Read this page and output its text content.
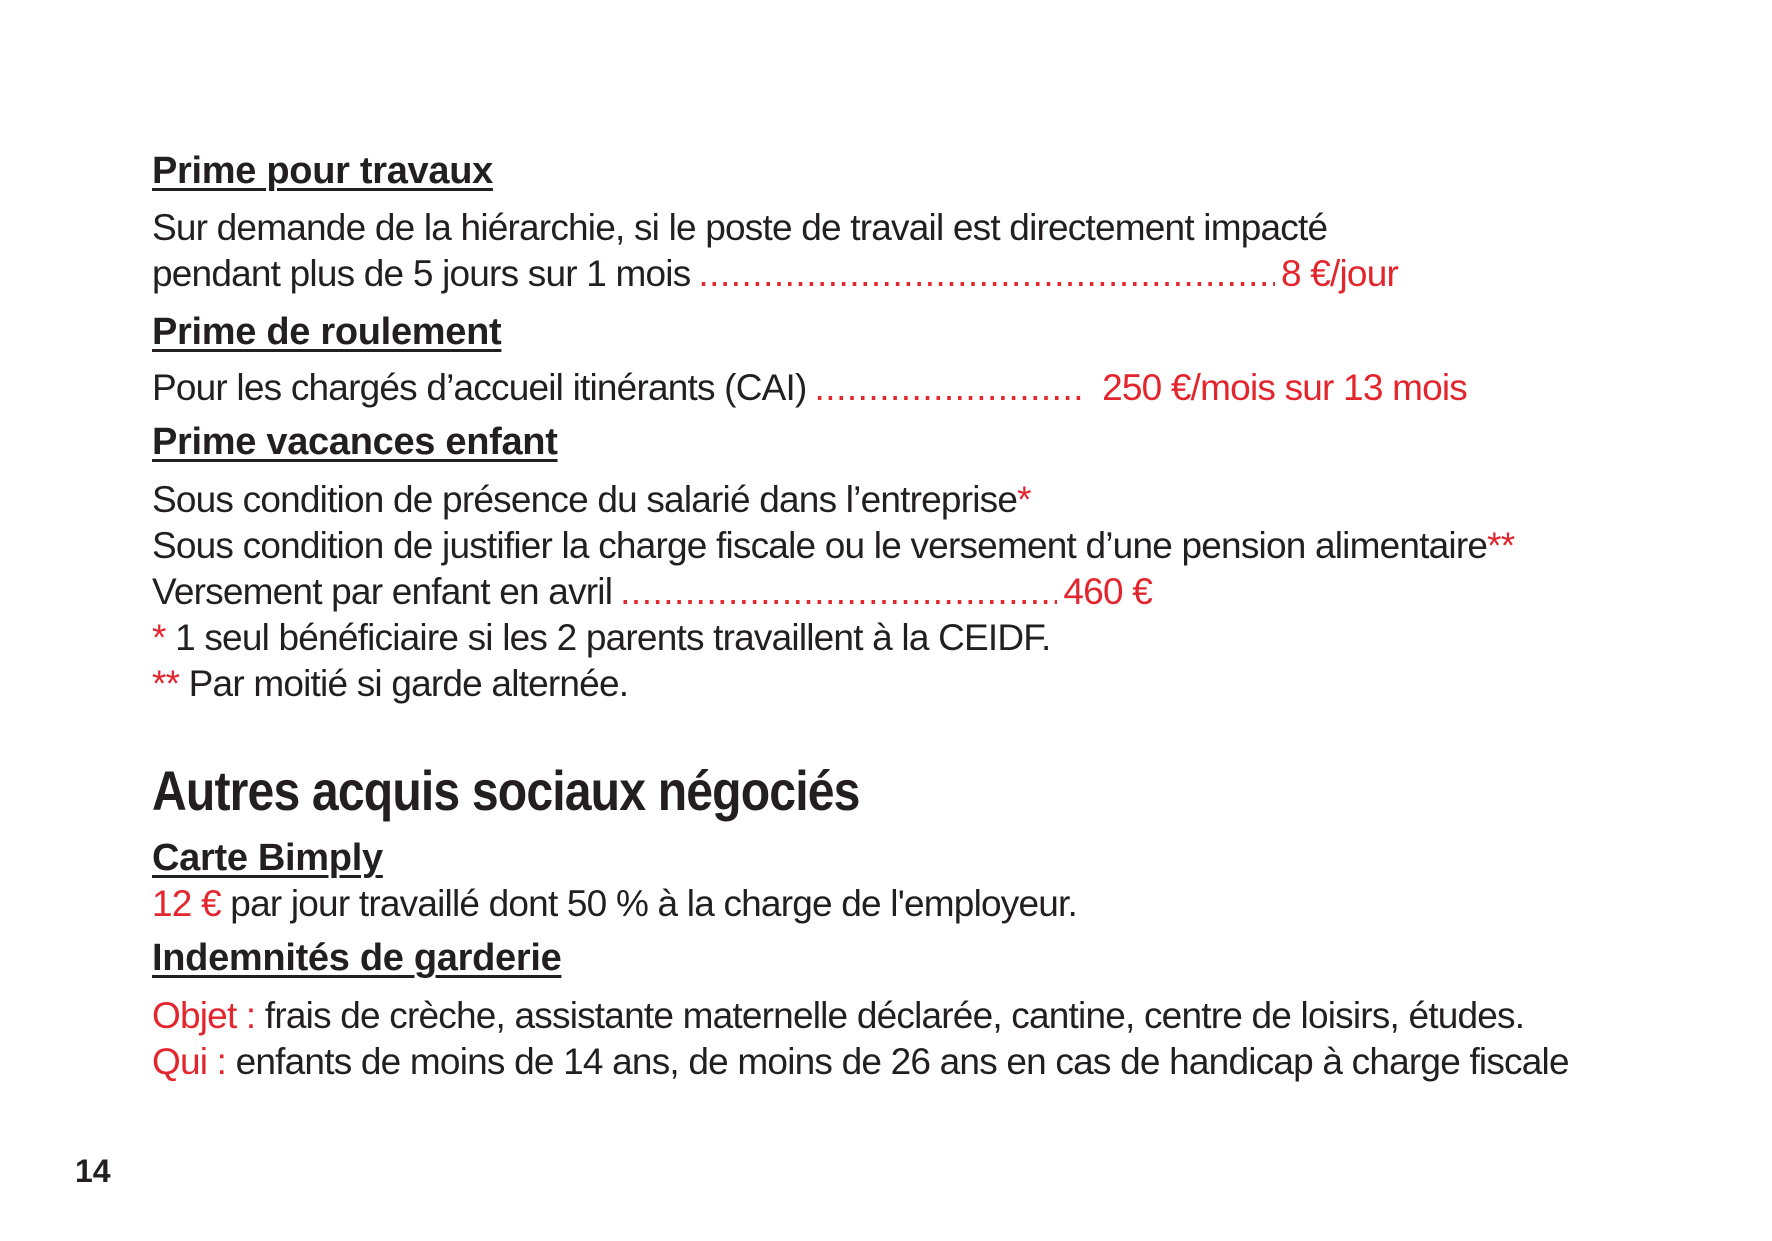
Prime pour travaux
Sur demande de la hiérarchie, si le poste de travail est directement impacté
pendant plus de 5 jours sur 1 mois .....	8 €/jour
Prime de roulement
Pour les chargés d’accueil itinérants (CAI) .....	250 €/mois sur 13 mois
Prime vacances enfant
Sous condition de présence du salarié dans l’entreprise*
Sous condition de justifier la charge fiscale ou le versement d’une pension alimentaire**
Versement par enfant en avril .....	460 €
* 1 seul bénéficiaire si les 2 parents travaillent à la CEIDF.
** Par moitié si garde alternée.
Autres acquis sociaux négociés
Carte Bimply
12 € par jour travaillé dont 50 % à la charge de l'employeur.
Indemnités de garderie
Objet : frais de crèche, assistante maternelle déclarée, cantine, centre de loisirs, études.
Qui : enfants de moins de 14 ans, de moins de 26 ans en cas de handicap à charge fiscale
14
